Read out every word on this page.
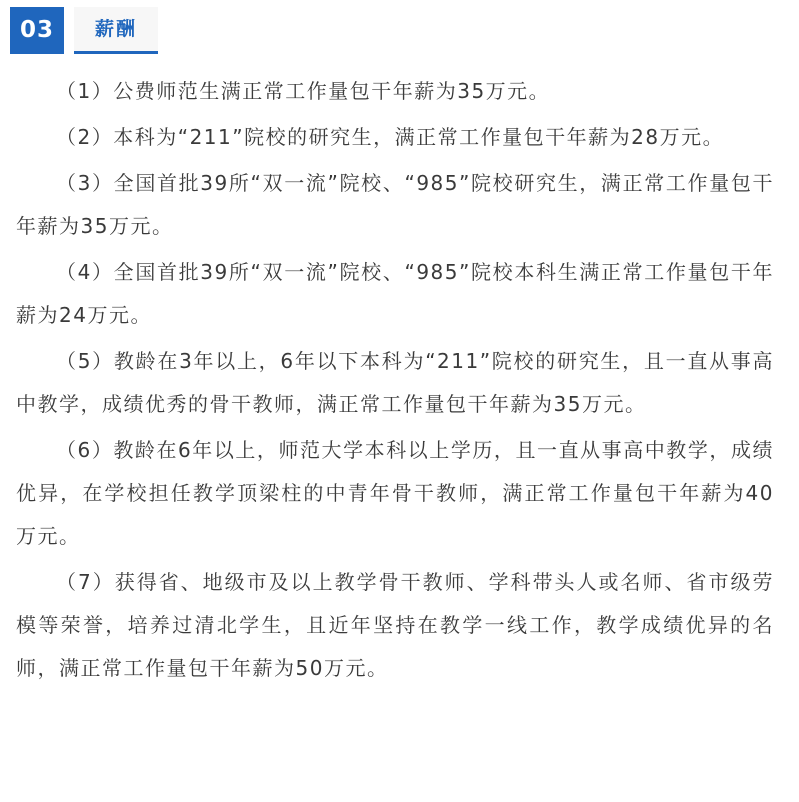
03	薪酬

（1）公费师范生满正常工作量包干年薪为35万元。

（2）本科为“211”院校的研究生，满正常工作量包干年薪为28万元。

（3）全国首批39所“双一流”院校、“985”院校研究生，满正常工作量包干年薪为35万元。

（4）全国首批39所“双一流”院校、“985”院校本科生满正常工作量包干年薪为24万元。

（5）教龄在3年以上，6年以下本科为“211”院校的研究生，且一直从事高中教学，成绩优秀的骨干教师，满正常工作量包干年薪为35万元。

（6）教龄在6年以上，师范大学本科以上学历，且一直从事高中教学，成绩优异，在学校担任教学顶梁柱的中青年骨干教师，满正常工作量包干年薪为40万元。

（7）获得省、地级市及以上教学骨干教师、学科带头人或名师、省市级劳模等荣誉，培养过清北学生，且近年坚持在教学一线工作，教学成绩优异的名师，满正常工作量包干年薪为50万元。
